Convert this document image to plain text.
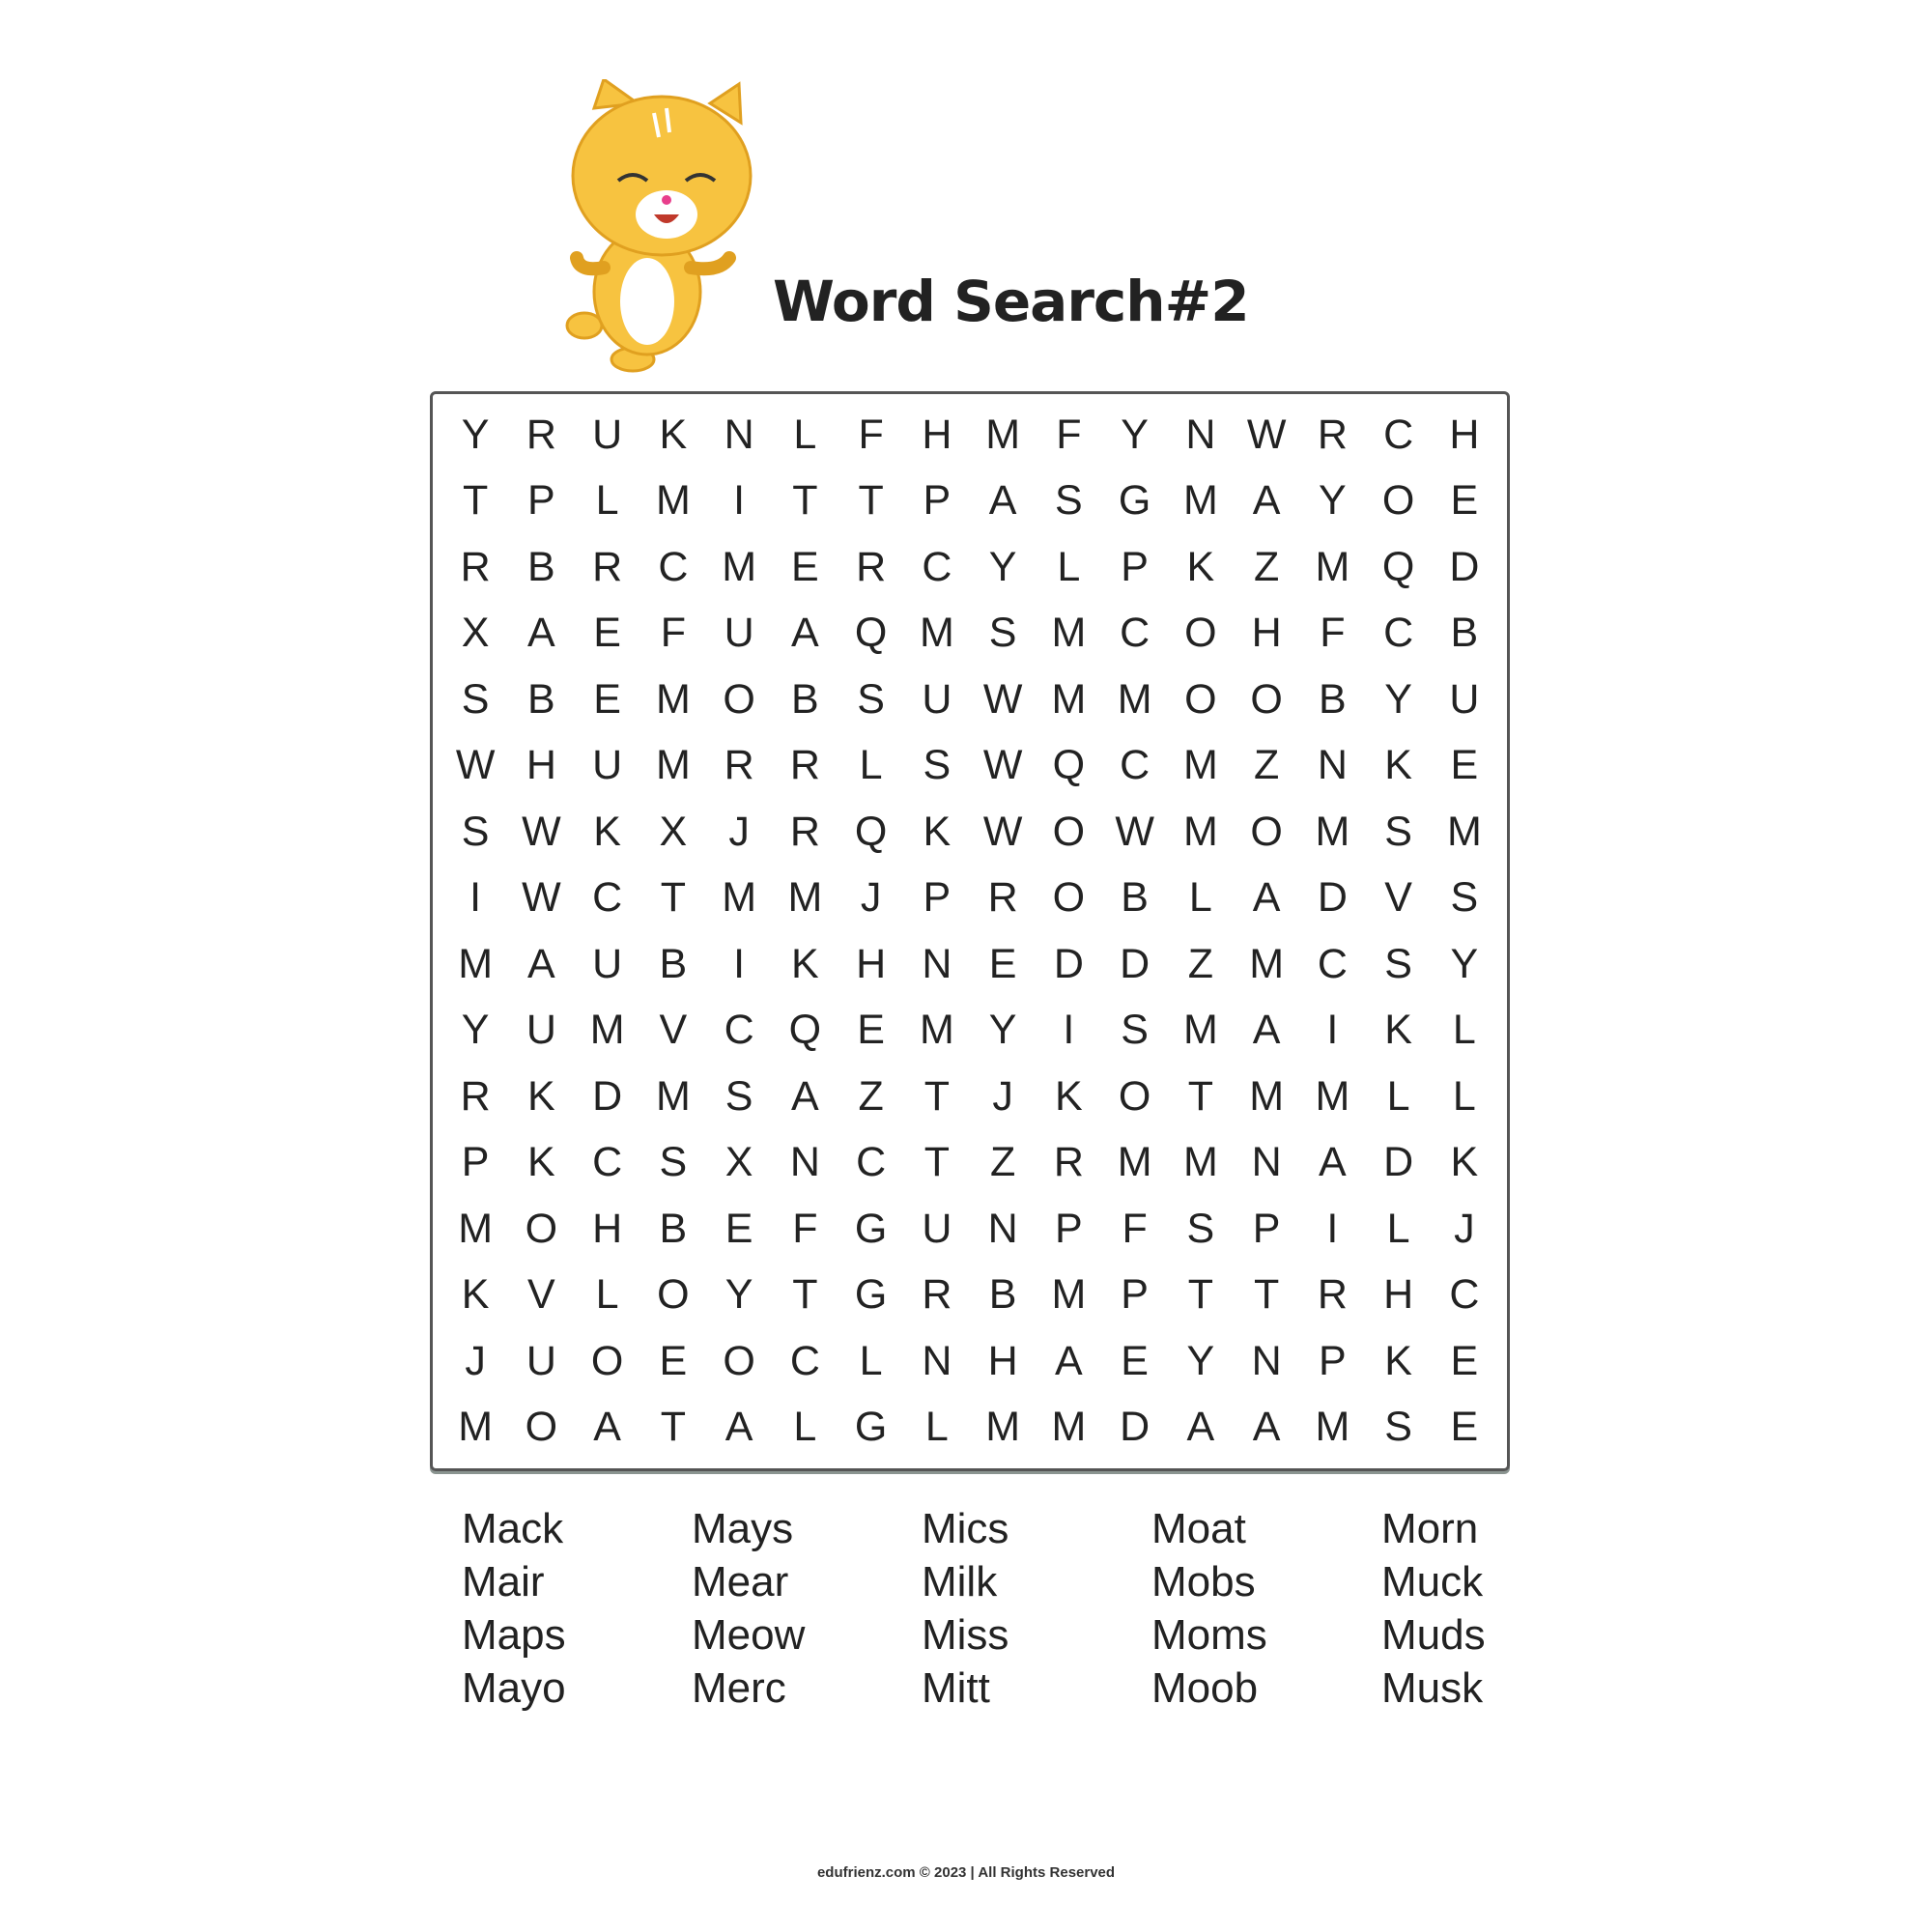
Word Search#2
Y R U K N L	F H M F Y N W R C H
T P L M	I	T T P A S G M A Y O E
R B R C M E R C Y L P K Z M Q D
X A E F U A Q M S M C O H F C B
S B E M O B S U W M M O O B Y U
W H U M R R L S W Q C M Z N K E
S W K X	J R Q K W O W M O M S M
I W C T M M J	P R O B L A D V S
M A U B	I	K H N E D D Z M C S Y
Y U M V C Q E M Y	I	S M A	I	K L
R K D M S A Z T	J	K O T M M L	L
P K C S X N C T Z R M M N A D K
M O H B E F G U N P F S P	I	L	J
K V L O Y T G R B M P T T R H C
J U O E O C L N H A E Y N P K E
M O A T A L G L M M D A A M S E
Mack	Mays	Mics	Moat	Morn
Mair	Mear	Milk	Mobs	Muck
Maps	Meow	Miss	Moms	Muds
Mayo	Merc	Mitt	Moob	Musk
edufrienz.com © 2023 | All Rights Reserved
